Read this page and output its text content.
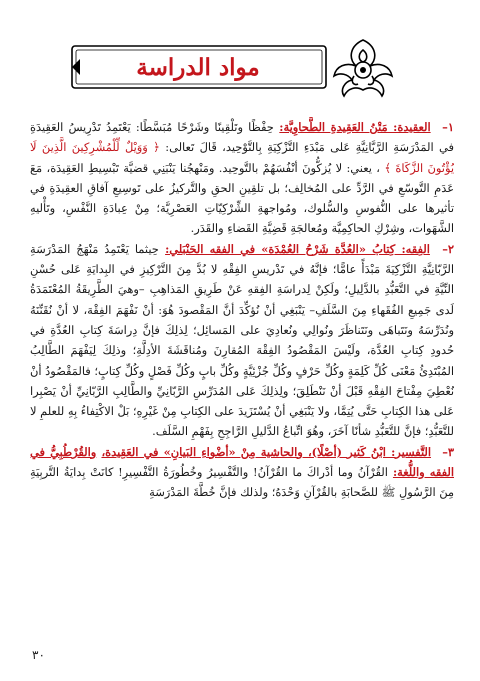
مواد الدراسة

١– العقيدة: مَتْنُ العَقِيدةِ الطَّحاوِيَّة: حِفْظًا وتَلْقِينًا وشَرْحًا مُبَسَّطًا: يَعْتَمِدُ تَدْرِيسُ العَقِيدَةِ في المَدْرَسَةِ الرَّبَّانِيَّةِ عَلى مَبْدَءِ التَّزْكِيَةِ بِالتَّوْحِيد، قَالَ تَعالى: ﴿ وَوَيْلٌ لِّلْمُشْرِكِينَ الَّذِينَ لَا يُؤْتُونَ الزَّكَاةَ ﴾ ، يعني: لا يُزكُّونَ أنْفُسَهُمْ بالتَّوحِيد. ومَنْهجُنا يَنْبَنِي قضيَّة تَبْسِيطِ العَقِيدَة، مَعَ عَدَمِ التَّوسّعِ في الرَّدِّ على المُخالِف؛ بل تلقِينِ الحقِ والتَّركيزُ على تَوسِيعِ آفاقِ العقِيدَةِ في تأثيرها على النُّفوسِ والسُّلوك، ومُواجهةِ الشِّرْكِيّاتِ العَصْرِيَّة؛ مِنْ عِبادَةِ النَّفْسِ، وتَأْليهِ الشَّهَوات، وشِرْكِ الحاكِمِيَّة ومُعالجَةِ قَضِيَّةِ القَضاءِ والقَدَر.

٢– الفِقه: كِتابُ «العُدَّة شَرْحُ العُمْدَة» في الفقه الحَنْبَلي: حِيثما يَعْتَمِدُ مَنْهَجُ المَدْرَسَةِ الرَّبّانِيَّةِ التَّزْكِيَةَ مَبْدَأً عامًّا؛ فإنَّهُ في تَدْريسِ الفِقْهِ لا بُدَّ مِنَ التَّرْكِيزِ في البِدايَةِ عَلى حُسْنِ النِّيَّةِ في التَّعَبُّدِ بالدَّلِيلِ؛ ولَكِنْ لِدراسَةِ الفِقهِ عَنْ طَرِيقِ المَذاهِبِ –وهيَ الطَّرِيقَةُ المُعْتَمَدَةُ لَدى جَمِيعِ الفُقَهاءِ مِنَ السَّلَفِ– يَنْبَغِي أنْ نُؤكِّدَ أنَّ المَقْصودَ هُوَ: أنْ نَفْهَمَ الفِقْهَ، لا أنْ نُقَنِّنَهُ ونُدَرِّسَهُ ونَتَباهَى ونَتَناظَرَ ونُوالِي ونُعادِيَ على المَسائِل؛ لِذلِكَ فإنَّ دِراسَةَ كِتابِ العُدَّةِ في حُدودِ كِتابِ العُدَّة، ولَيْسَ المَقْصُودُ الفِقْهَ المُقارِنَ ومُناقَشَةَ الأدِلَّةِ؛ وذلِكَ لِيَفْهَمَ الطَّالِبُ المُبْتَدِئُ مَعْنَى كُلِّ كَلِمَةٍ وكُلِّ حَرْفٍ وكُلِّ جُزْئِيَّةٍ وكُلِّ بابٍ وكُلِّ فَصْلٍ وكُلِّ كِتابٍ؛ فالمَقْصُودُ أنْ نُعْطِيَ مِفْتاحَ الفِقْهِ قَبْلَ أنْ نَنْطَلِقَ؛ ولِذلِكَ عَلى المُدَرِّسِ الرَّبّانِيِّ والطَّالِبِ الرَّبّانِيِّ أنْ يَصْبِرا عَلى هذا الكِتابِ حَتَّى يُتِمَّا، ولا يَنْبَغِي أنْ يُسْتَزَيدَ على الكِتابِ مِنْ غَيْرِهِ؛ بَلْ الاكْتِفاءُ بِهِ للعلمِ لا للتَّعَبُّدِ؛ فإنَّ للتَّعَبُّدِ شأنًا آخَرَ، وهُوَ اتِّباعُ الدَّليلِ الرَّاجِحِ بِفَهْمِ السَّلَف.

٣– التَّفسير: ابْنُ كَثير (أصْلًا)، والحاشية مِنْ «أضْواءِ البَيانِ» في العَقِيدة، والقُرْطُبِيُّ في الفقه واللُّغة: القُرْآنُ وما أدْراكَ ما القُرْآنُ! والتَّفْسِيرُ وخُطُورَةُ التَّفْسِيرِ! كانَتْ بِدايَةُ التَّربِيَةِ مِنَ الرَّسُولِ ﷺ للصَّحابَةِ بالقُرْآنِ وَحْدَهُ؛ ولذلك فإنَّ خُطَّةَ المَدْرَسَةِ

٣٠
